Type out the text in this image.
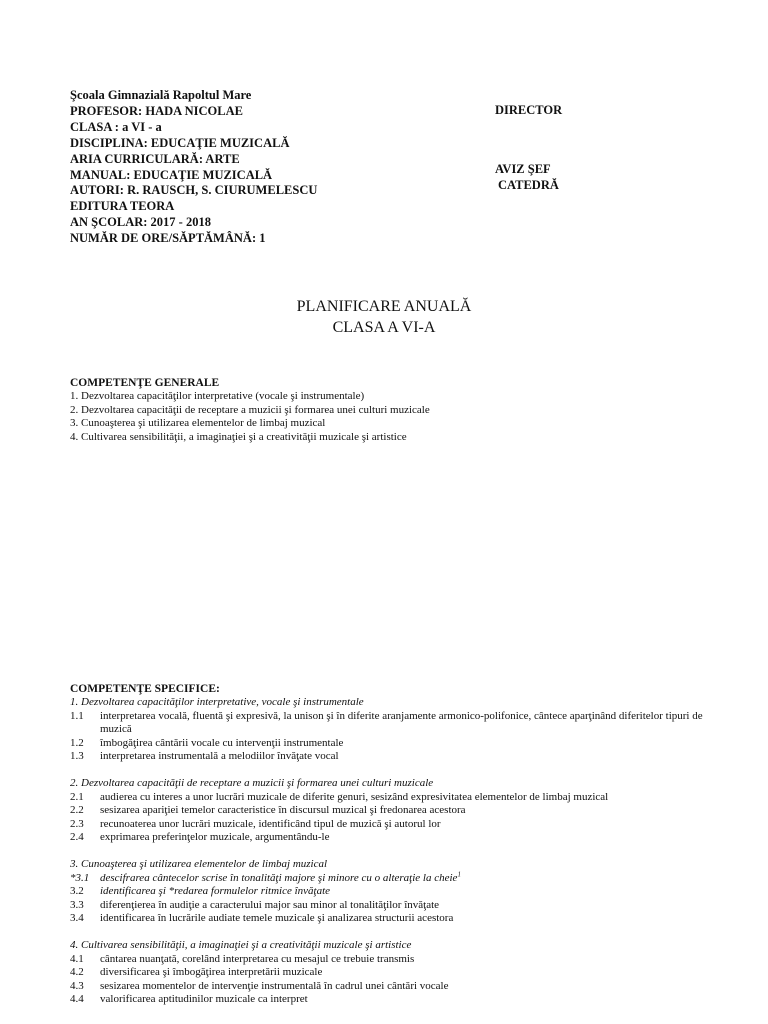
Şcoala Gimnazială Rapoltul Mare
PROFESOR: HADA NICOLAE
CLASA : a VI - a
DISCIPLINA: EDUCAŢIE MUZICALĂ
ARIA CURRICULARĂ: ARTE
MANUAL: EDUCAŢIE MUZICALĂ
AUTORI: R. RAUSCH, S. CIURUMELESCU
EDITURA TEORA
AN ŞCOLAR: 2017 - 2018
NUMĂR DE ORE/SĂPTĂMÂNĂ: 1
DIRECTOR
AVIZ ŞEF
CATEDRĂ
PLANIFICARE ANUALĂ
CLASA A VI-A
COMPETENŢE GENERALE
1. Dezvoltarea capacităţilor interpretative (vocale şi instrumentale)
2. Dezvoltarea capacităţii de receptare a muzicii şi formarea unei culturi muzicale
3. Cunoaşterea şi utilizarea elementelor de limbaj muzical
4. Cultivarea sensibilităţii, a imaginaţiei şi a creativităţii muzicale şi artistice
COMPETENŢE SPECIFICE:
1. Dezvoltarea capacităţilor interpretative, vocale şi instrumentale
1.1	interpretarea vocală, fluentă şi expresivă, la unison şi în diferite aranjamente armonico-polifonice, cântece aparţinând diferitelor tipuri de muzică
1.2	îmbogăţirea cântării vocale cu intervenţii instrumentale
1.3	interpretarea instrumentală a melodiilor învăţate vocal
2. Dezvoltarea capacităţii de receptare a muzicii şi formarea unei culturi muzicale
2.1	audierea cu interes a unor lucrări muzicale de diferite genuri, sesizând expresivitatea elementelor de limbaj muzical
2.2	sesizarea apariţiei temelor caracteristice în discursul muzical şi fredonarea acestora
2.3	recunoaterea unor lucrări muzicale, identificând tipul de muzică şi autorul lor
2.4	exprimarea preferinţelor muzicale, argumentându-le
3. Cunoaşterea şi utilizarea elementelor de limbaj muzical
*3.1 descifrarea cântecelor scrise în tonalităţi majore şi minore cu o alteraţie la cheie$^1$
3.2	identificarea şi *redarea formulelor ritmice învăţate
3.3	diferenţierea în audiţie a caracterului major sau minor al tonalităţilor învăţate
3.4	identificarea în lucrările audiate temele muzicale şi analizarea structurii acestora
4. Cultivarea sensibilităţii, a imaginaţiei şi a creativităţii muzicale şi artistice
4.1	cântarea nuanţată, corelând interpretarea cu mesajul ce trebuie transmis
4.2	diversificarea şi îmbogăţirea interpretării muzicale
4.3	sesizarea momentelor de intervenţie instrumentală în cadrul unei cântări vocale
4.4	valorificarea aptitudinilor muzicale ca interpret
